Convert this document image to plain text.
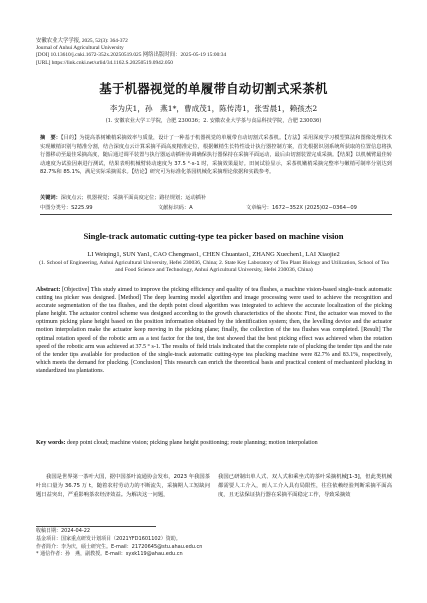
安徽农业大学学报, 2025, 52(3): 364-372
Journal of Anhui Agricultural University
[DOI] 10.13610/j.cnki.1672-352x.20250519.025 网络出版时间：2025-05-19 15:00:34
[URL] https://link.cnki.net/urlid/34.1162.S.20250519.0942.050
基于机器视觉的单履带自动切割式采茶机
李为庆1，孙　燕1*，曹成茂1，陈传涛1，张雪晨1，赖孩杰2
(1. 安徽农业大学工学院，合肥 230036；2. 安徽农业大学茶与食品科技学院，合肥 230036)
摘　要：【目的】为提高茶树嫩梢采摘效率与质量，设计了一种基于机器视觉的单履带自动切割式采茶机。【方法】采用深度学习模型算法和图像处理技术实现嫩梢识别与精准分割，结合深度点云计算采摘平面高度精准定位，根据嫩梢生长特性设计执行器控制方案，首先根据识别系统所获取的位置信息将执行器移动至最佳采摘高度，随后通过调平装置与执行器运动插补协调确保执行器保持在采摘平面运动，最后由切割装置完成采摘。【结果】以机械臂最佳转动速度为试验因素进行测试，结果表明机械臂转动速度为 37.5 °·s-1 时，采摘效果最好。田间试验显示，采茶机嫩梢采摘完整率与嫩梢可制率分别达到 82.7%和 85.1%，满足实际采摘需求。【结论】研究可为标准化茶园机械化采摘理论依据和实践参考。
关键词：深度点云；机器视觉；采摘平面高度定位；路径规划；运动插补
中图分类号：S225.99	文献标识码：A	文章编号：1672−352X (2025)02−0364−09
Single-track automatic cutting-type tea picker based on machine vision
LI Weiqing1, SUN Yan1, CAO Chengmao1, CHEN Chuantao1, ZHANG Xuechen1, LAI Xiaojie2
(1. School of Engineering, Anhui Agricultural University, Hefei 230036, China; 2. State Key Laboratory of Tea Plant Biology and Utilization, School of Tea and Food Science and Technology, Anhui Agricultural University, Hefei 230036, China)
Abstract: [Objective] This study aimed to improve the picking efficiency and quality of tea flushes, a machine vision-based single-track automatic cutting tea picker was designed. [Method] The deep learning model algorithm and image processing were used to achieve the recognition and accurate segmentation of the tea flushes, and the depth point cloud algorithm was integrated to achieve the accurate localization of the picking plane height. The actuator control scheme was designed according to the growth characteristics of the shoots: First, the actuator was moved to the optimum picking plane height based on the position information obtained by the identification system; then, the levelling device and the actuator motion interpolation make the actuator keep moving in the picking plane; finally, the collection of the tea flushes was completed. [Result] The optimal rotation speed of the robotic arm as a test factor for the test, the test showed that the best picking effect was achieved when the rotation speed of the robotic arm was achieved at 37.5 ° s-1. The results of field trials indicated that the complete rate of plucking the tender tips and the rate of the tender tips available for production of the single-track automatic cutting-type tea plucking machine were 82.7% and 83.1%, respectively, which meets the demand for plucking. [Conclusion] This research can enrich the theoretical basis and practical content of mechanized plucking in standardized tea plantations.
Key words: deep point cloud; machine vision; picking plane height positioning; route planning; motion interpolation
我国是世界第一茶叶大国，据中国茶叶流通协会发布，2023 年我国茶叶出口量为 36.75 万 t，随着农村劳动力的不断流失，采摘期人工短缺问题日益突出，严重影响茶农经济效益。为解决这一问题，
我国已研制出单人式、双人式和乘坐式的茶叶采摘机械[1-3]，但此类机械都需要人工介入，而人工介入具有局限性，往往依赖经验判断采摘平面高度，且无法保证执行器在采摘平面稳定工作，导致采摘效
收稿日期：2024-04-22
基金项目：国家重点研发计划项目（2021YFD1601102）资助。
作者简介：李为庆，硕士研究生。E-mail：21720645@stu.ahau.edu.cn
* 通信作者：孙　燕，副教授。E-mail：syxk119@ahau.edu.cn
